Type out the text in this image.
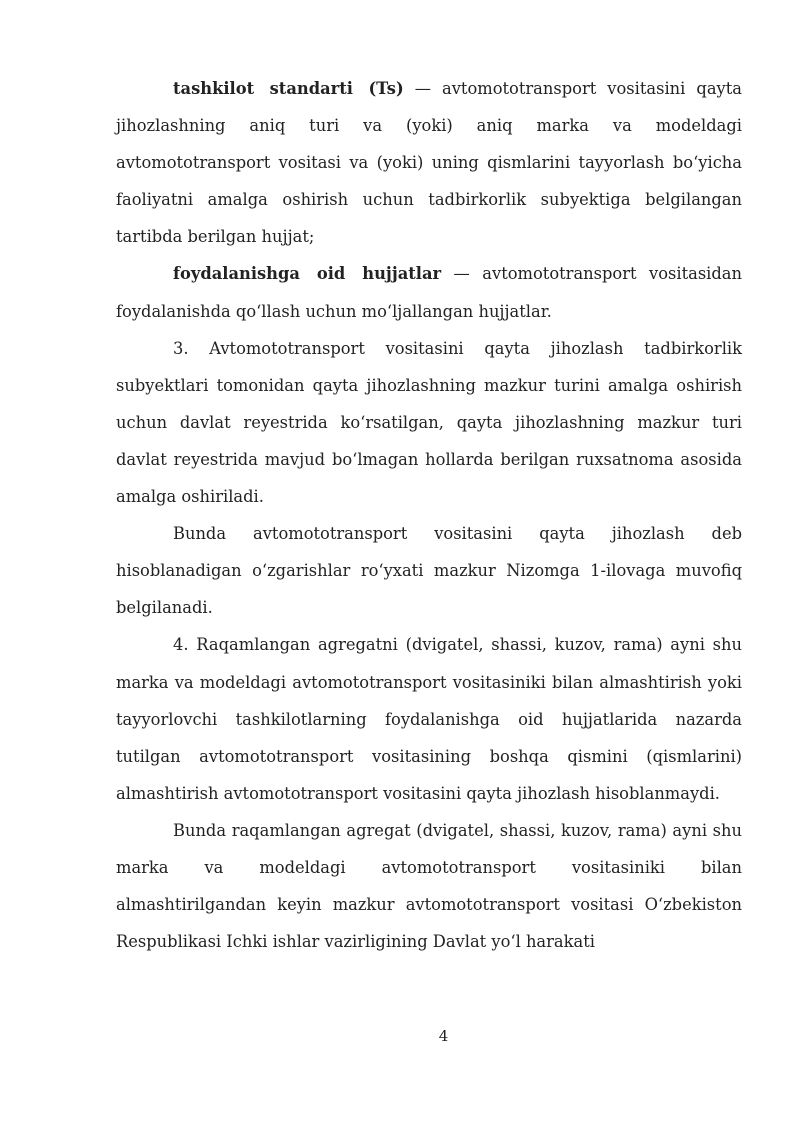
tashkilot standarti (Ts) — avtomototransport vositasini qayta jihozlashning aniq turi va (yoki) aniq marka va modeldagi avtomototransport vositasi va (yoki) uning qismlarini tayyorlash bo‘yicha faoliyatni amalga oshirish uchun tadbirkorlik subyektiga belgilangan tartibda berilgan hujjat;

foydalanishga oid hujjatlar — avtomototransport vositasidan foydalanishda qo‘llash uchun mo‘ljallangan hujjatlar.

3. Avtomototransport vositasini qayta jihozlash tadbirkorlik subyektlari tomonidan qayta jihozlashning mazkur turini amalga oshirish uchun davlat reyestrida ko‘rsatilgan, qayta jihozlashning mazkur turi davlat reyestrida mavjud bo‘lmagan hollarda berilgan ruxsatnoma asosida amalga oshiriladi.

Bunda avtomototransport vositasini qayta jihozlash deb hisoblanadigan o‘zgarishlar ro‘yxati mazkur Nizomga 1-ilovaga muvofiq belgilanadi.

4. Raqamlangan agregatni (dvigatel, shassi, kuzov, rama) ayni shu marka va modeldagi avtomototransport vositasiniki bilan almashtirish yoki tayyorlovchi tashkilotlarning foydalanishga oid hujjatlarida nazarda tutilgan avtomototransport vositasining boshqa qismini (qismlarini) almashtirish avtomototransport vositasini qayta jihozlash hisoblanmaydi.

Bunda raqamlangan agregat (dvigatel, shassi, kuzov, rama) ayni shu marka va modeldagi avtomototransport vositasiniki bilan almashtirilgandan keyin mazkur avtomototransport vositasi O‘zbekiston Respublikasi Ichki ishlar vazirligining Davlat yo‘l harakati

4
